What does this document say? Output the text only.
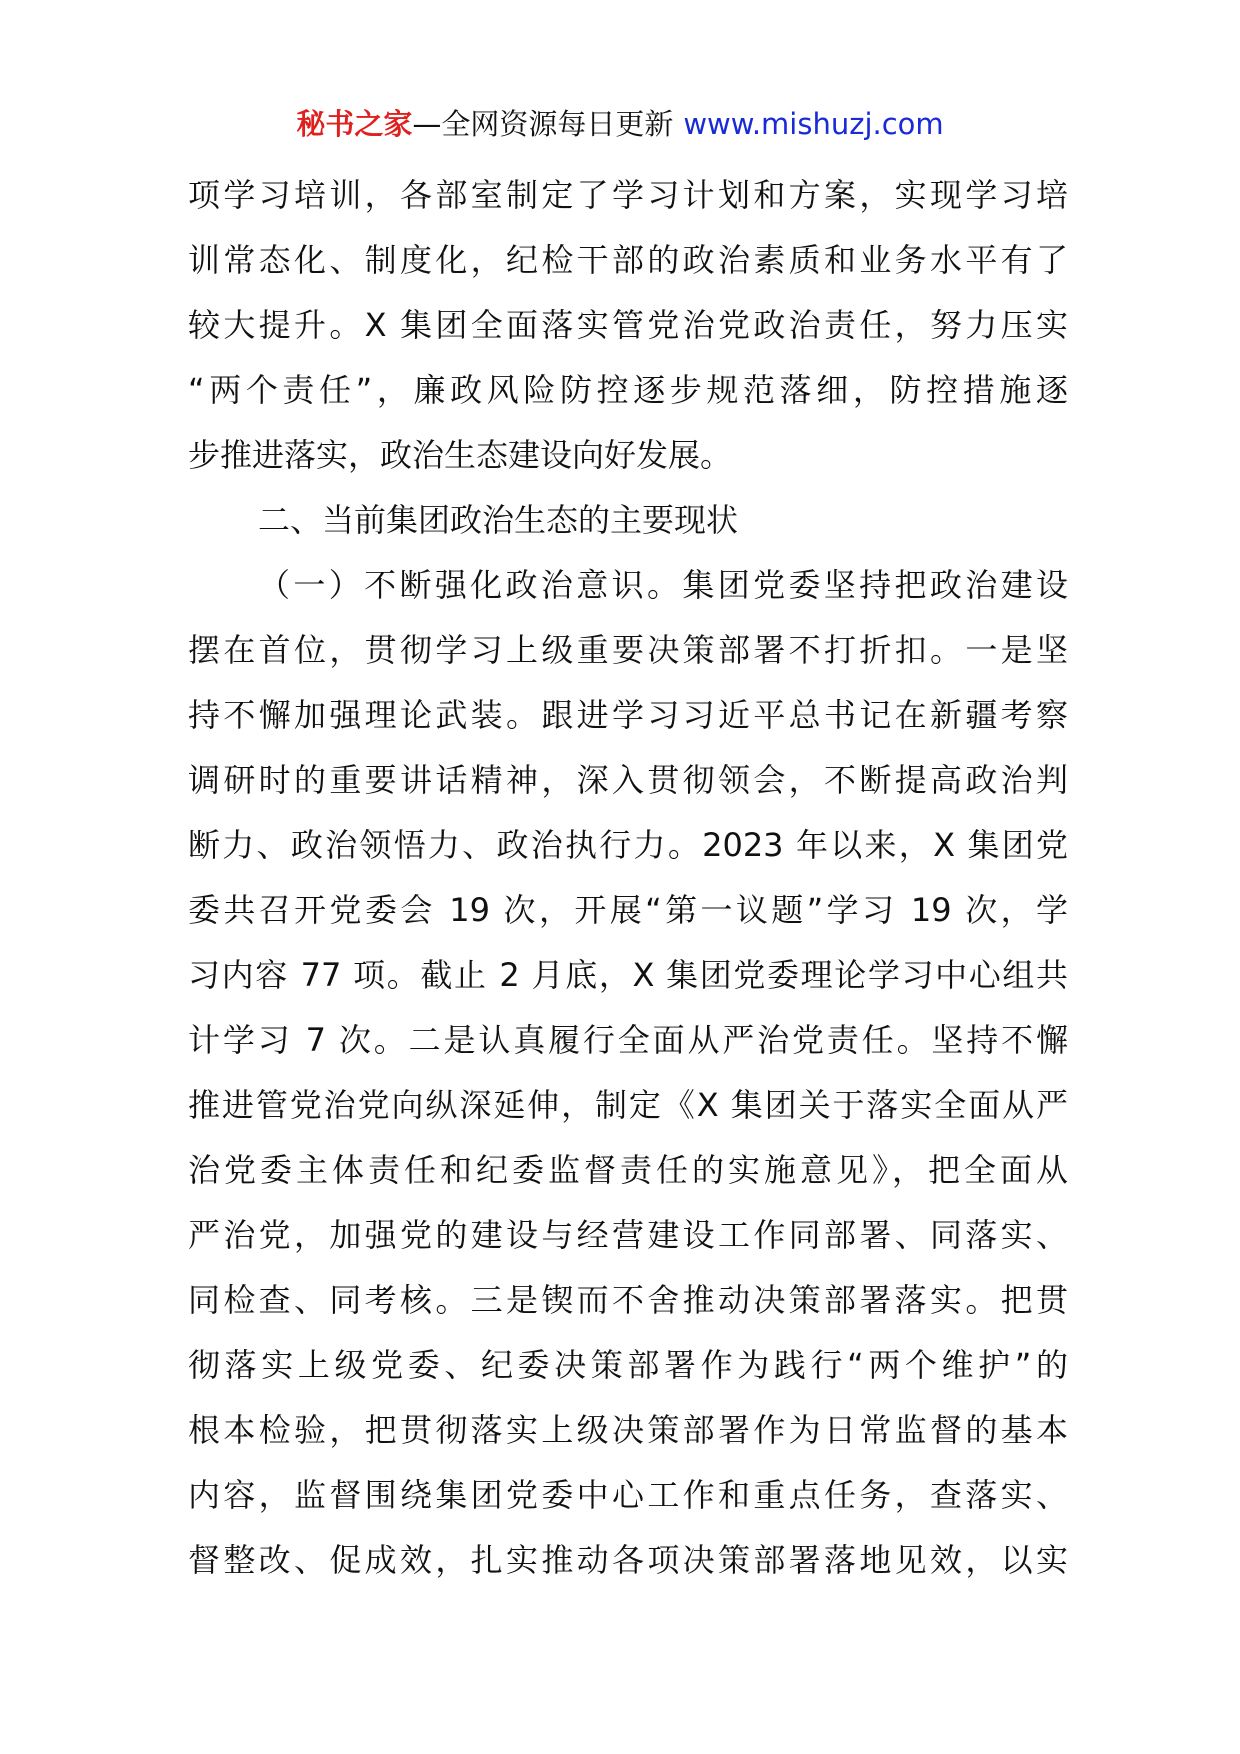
秘书之家—全网资源每日更新 www.mishuzj.com
项学习培训，各部室制定了学习计划和方案，实现学习培
训常态化、制度化，纪检干部的政治素质和业务水平有了
较大提升。X 集团全面落实管党治党政治责任，努力压实
“两个责任”，廉政风险防控逐步规范落细，防控措施逐
步推进落实，政治生态建设向好发展。
二、当前集团政治生态的主要现状
（一）不断强化政治意识。集团党委坚持把政治建设
摆在首位，贯彻学习上级重要决策部署不打折扣。一是坚
持不懈加强理论武装。跟进学习习近平总书记在新疆考察
调研时的重要讲话精神，深入贯彻领会，不断提高政治判
断力、政治领悟力、政治执行力。2023 年以来，X 集团党
委共召开党委会 19 次，开展“第一议题”学习 19 次，学
习内容 77 项。截止 2 月底，X 集团党委理论学习中心组共
计学习 7 次。二是认真履行全面从严治党责任。坚持不懈
推进管党治党向纵深延伸，制定《X 集团关于落实全面从严
治党委主体责任和纪委监督责任的实施意见》，把全面从
严治党，加强党的建设与经营建设工作同部署、同落实、
同检查、同考核。三是锲而不舍推动决策部署落实。把贯
彻落实上级党委、纪委决策部署作为践行“两个维护”的
根本检验，把贯彻落实上级决策部署作为日常监督的基本
内容，监督围绕集团党委中心工作和重点任务，查落实、
督整改、促成效，扎实推动各项决策部署落地见效，以实
